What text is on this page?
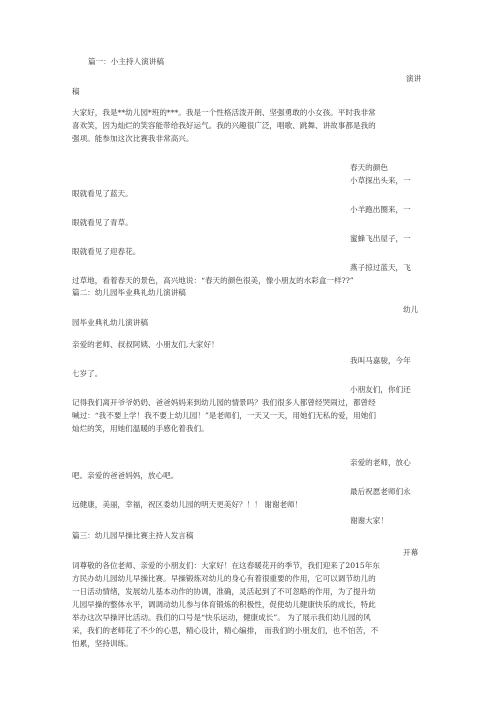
篇一：小主持人演讲稿
演讲
稿
大家好，我是**幼儿园*班的***。我是一个性格活泼开朗、坚强勇敢的小女孩。平时我非常
喜欢笑，因为灿烂的笑容能带给我好运气。我的兴趣很广泛，唱歌、跳舞、讲故事都是我的
强项。能参加这次比赛我非常高兴。
春天的颜色
小草探出头来，一
眼就看见了蓝天。
小羊跑出圈来，一
眼就看见了青草。
蜜蜂飞出屋子，一
眼就看见了迎春花。
燕子掠过蓝天，飞
过草地，看着春天的景色，高兴地说：“春天的颜色很美，像小朋友的水彩盒一样??”
篇二：幼儿园毕业典礼幼儿演讲稿
幼儿
园毕业典礼幼儿演讲稿
亲爱的老师、叔叔阿姨、小朋友们,大家好！
我叫马嘉骏，今年
七岁了。
小朋友们，你们还
记得我们离开爷爷奶奶、爸爸妈妈来到幼儿园的情景吗？我们很多人都曾经哭闹过，都曾经
喊过：“我不要上学！我不要上幼儿园！”是老师们，一天又一天，用她们无私的爱，用她们
灿烂的笑，用她们温暖的手感化着我们。
亲爱的老师，放心
吧。亲爱的爸爸妈妈，放心吧。
最后祝愿老师们永
远健康，美丽，幸福，祝区委幼儿园的明天更美好？！！ 谢谢老师！
谢谢大家！
篇三：幼儿园早操比赛主持人发言稿
开幕
词尊敬的各位老师、亲爱的小朋友们：大家好！在这春暖花开的季节，我们迎来了2015年东
方民办幼儿园幼儿早操比赛。早操锻炼对幼儿的身心有着很重要的作用，它可以调节幼儿的
一日活动情绪，发展幼儿基本动作的协调，准确，灵活起到了不可忽略的作用，为了提升幼
儿园早操的整体水平，调调动幼儿参与体育锻炼的积极性，促使幼儿健康快乐的成长，特此
举办这次早操评比活动。我们的口号是“快乐运动，健康成长”。 为了展示我们幼儿园的风
采，我们的老师花了不少的心思，精心设计，精心编排， 而我们的小朋友们，也不怕苦，不
怕累，坚持训练。
